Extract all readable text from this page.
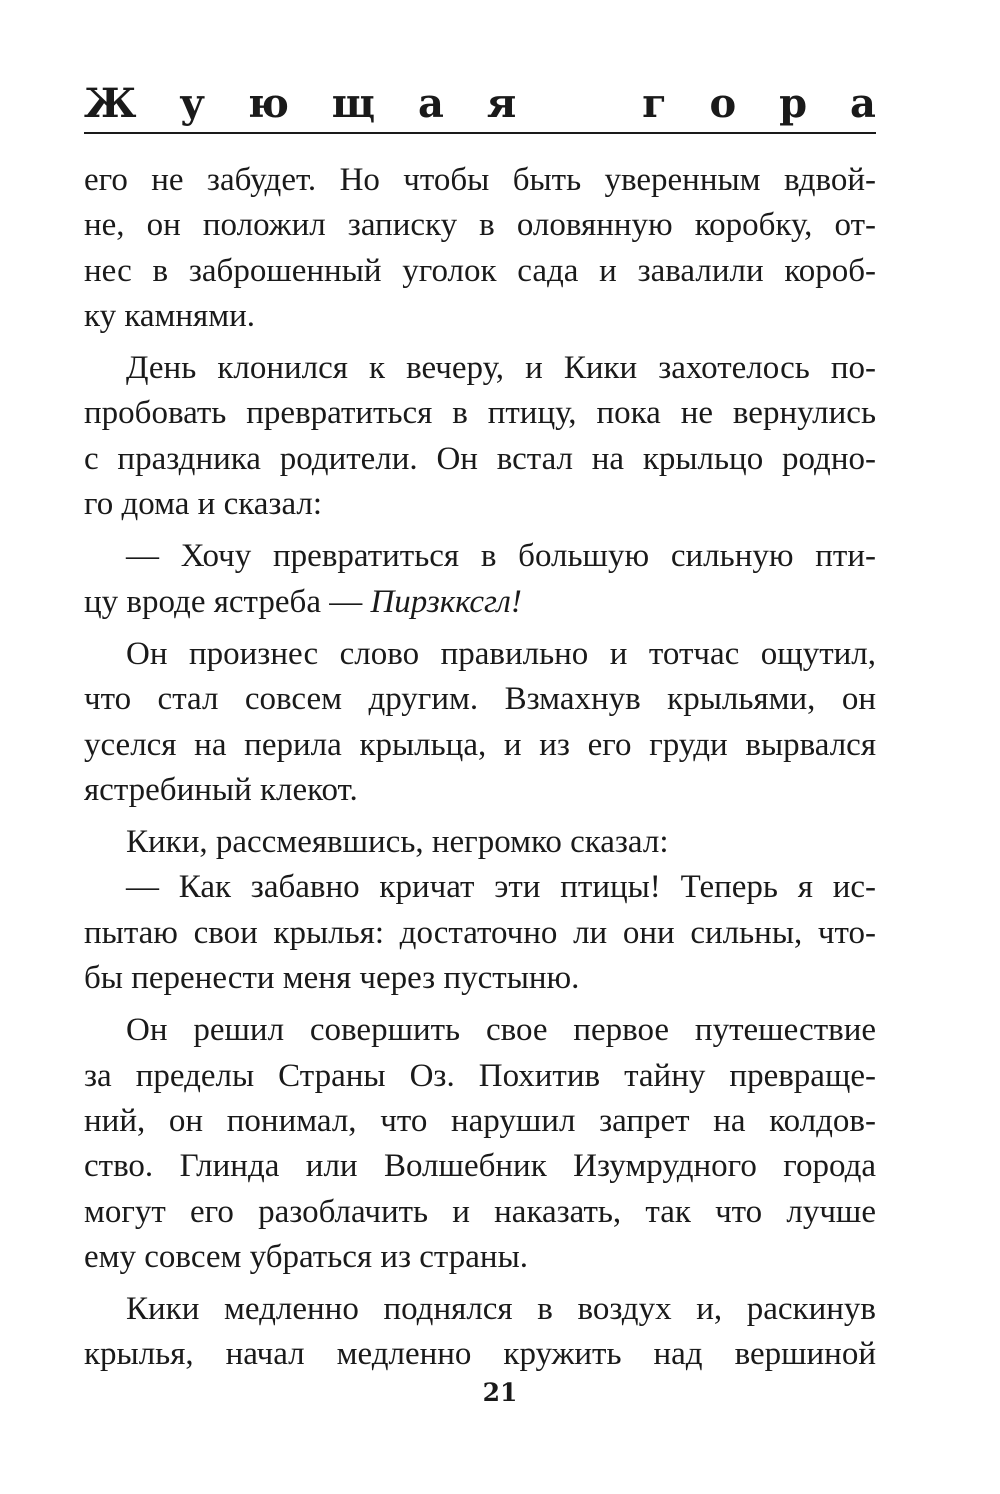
Ж у ю щ а я	г о р а
его не забудет. Но чтобы быть уверенным вдвой-
не, он положил записку в оловянную коробку, от-
нес в заброшенный уголок сада и завалили короб-
ку камнями.
День клонился к вечеру, и Кики захотелось по-
пробовать превратиться в птицу, пока не вернулись
с праздника родители. Он встал на крыльцо родно-
го дома и сказал:
— Хочу превратиться в большую сильную пти-
цу вроде ястреба — Пирзкксгл!
Он произнес слово правильно и тотчас ощутил,
что стал совсем другим. Взмахнув крыльями, он
уселся на перила крыльца, и из его груди вырвался
ястребиный клекот.
Кики, рассмеявшись, негромко сказал:
— Как забавно кричат эти птицы! Теперь я ис-
пытаю свои крылья: достаточно ли они сильны, что-
бы перенести меня через пустыню.
Он решил совершить свое первое путешествие
за пределы Страны Оз. Похитив тайну превраще-
ний, он понимал, что нарушил запрет на колдов-
ство. Глинда или Волшебник Изумрудного города
могут его разоблачить и наказать, так что лучше
ему совсем убраться из страны.
Кики медленно поднялся в воздух и, раскинув
крылья, начал медленно кружить над вершиной
21
